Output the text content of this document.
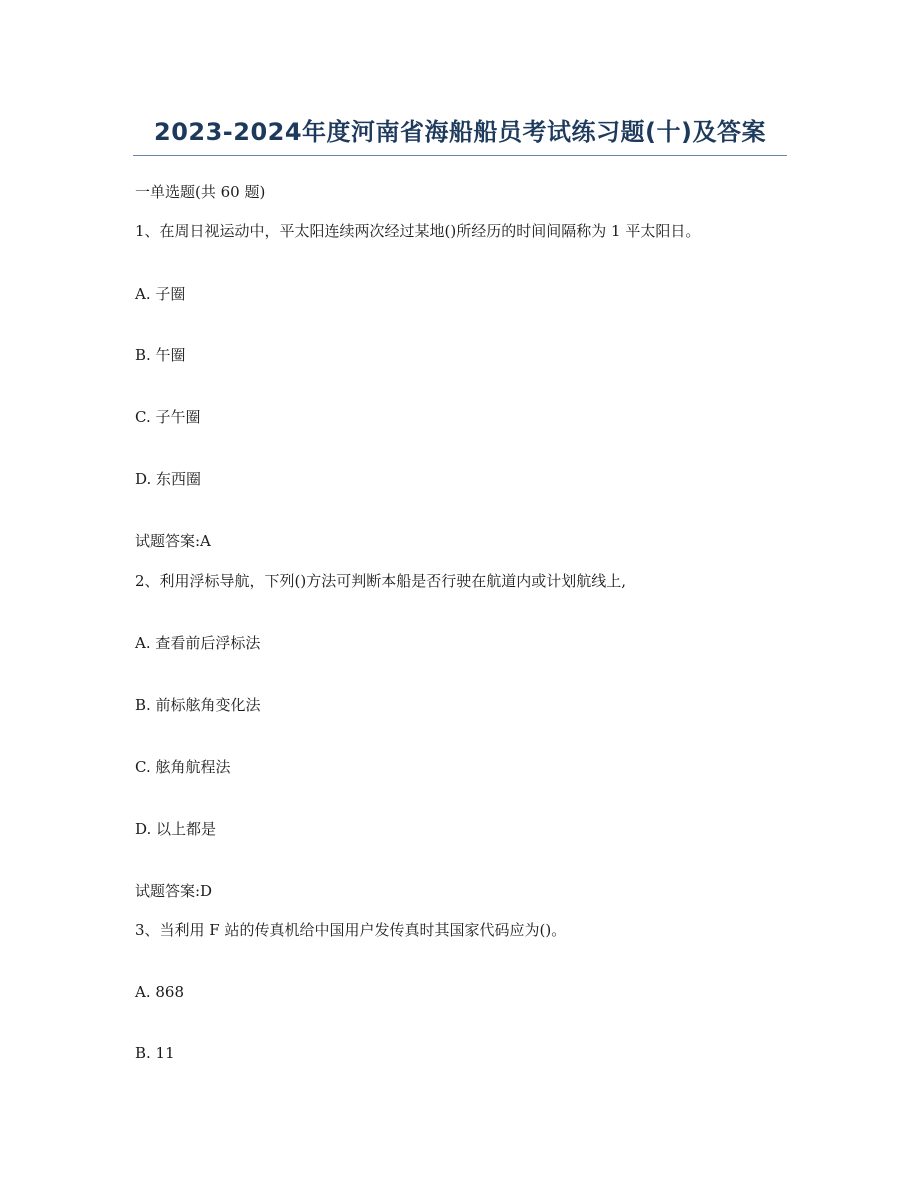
2023-2024年度河南省海船船员考试练习题(十)及答案
一单选题(共 60 题)
1、在周日视运动中，平太阳连续两次经过某地()所经历的时间间隔称为 1 平太阳日。
A. 子圈
B. 午圈
C. 子午圈
D. 东西圈
试题答案:A
2、利用浮标导航，下列()方法可判断本船是否行驶在航道内或计划航线上,
A. 查看前后浮标法
B. 前标舷角变化法
C. 舷角航程法
D. 以上都是
试题答案:D
3、当利用 F 站的传真机给中国用户发传真时其国家代码应为()。
A. 868
B. 11
